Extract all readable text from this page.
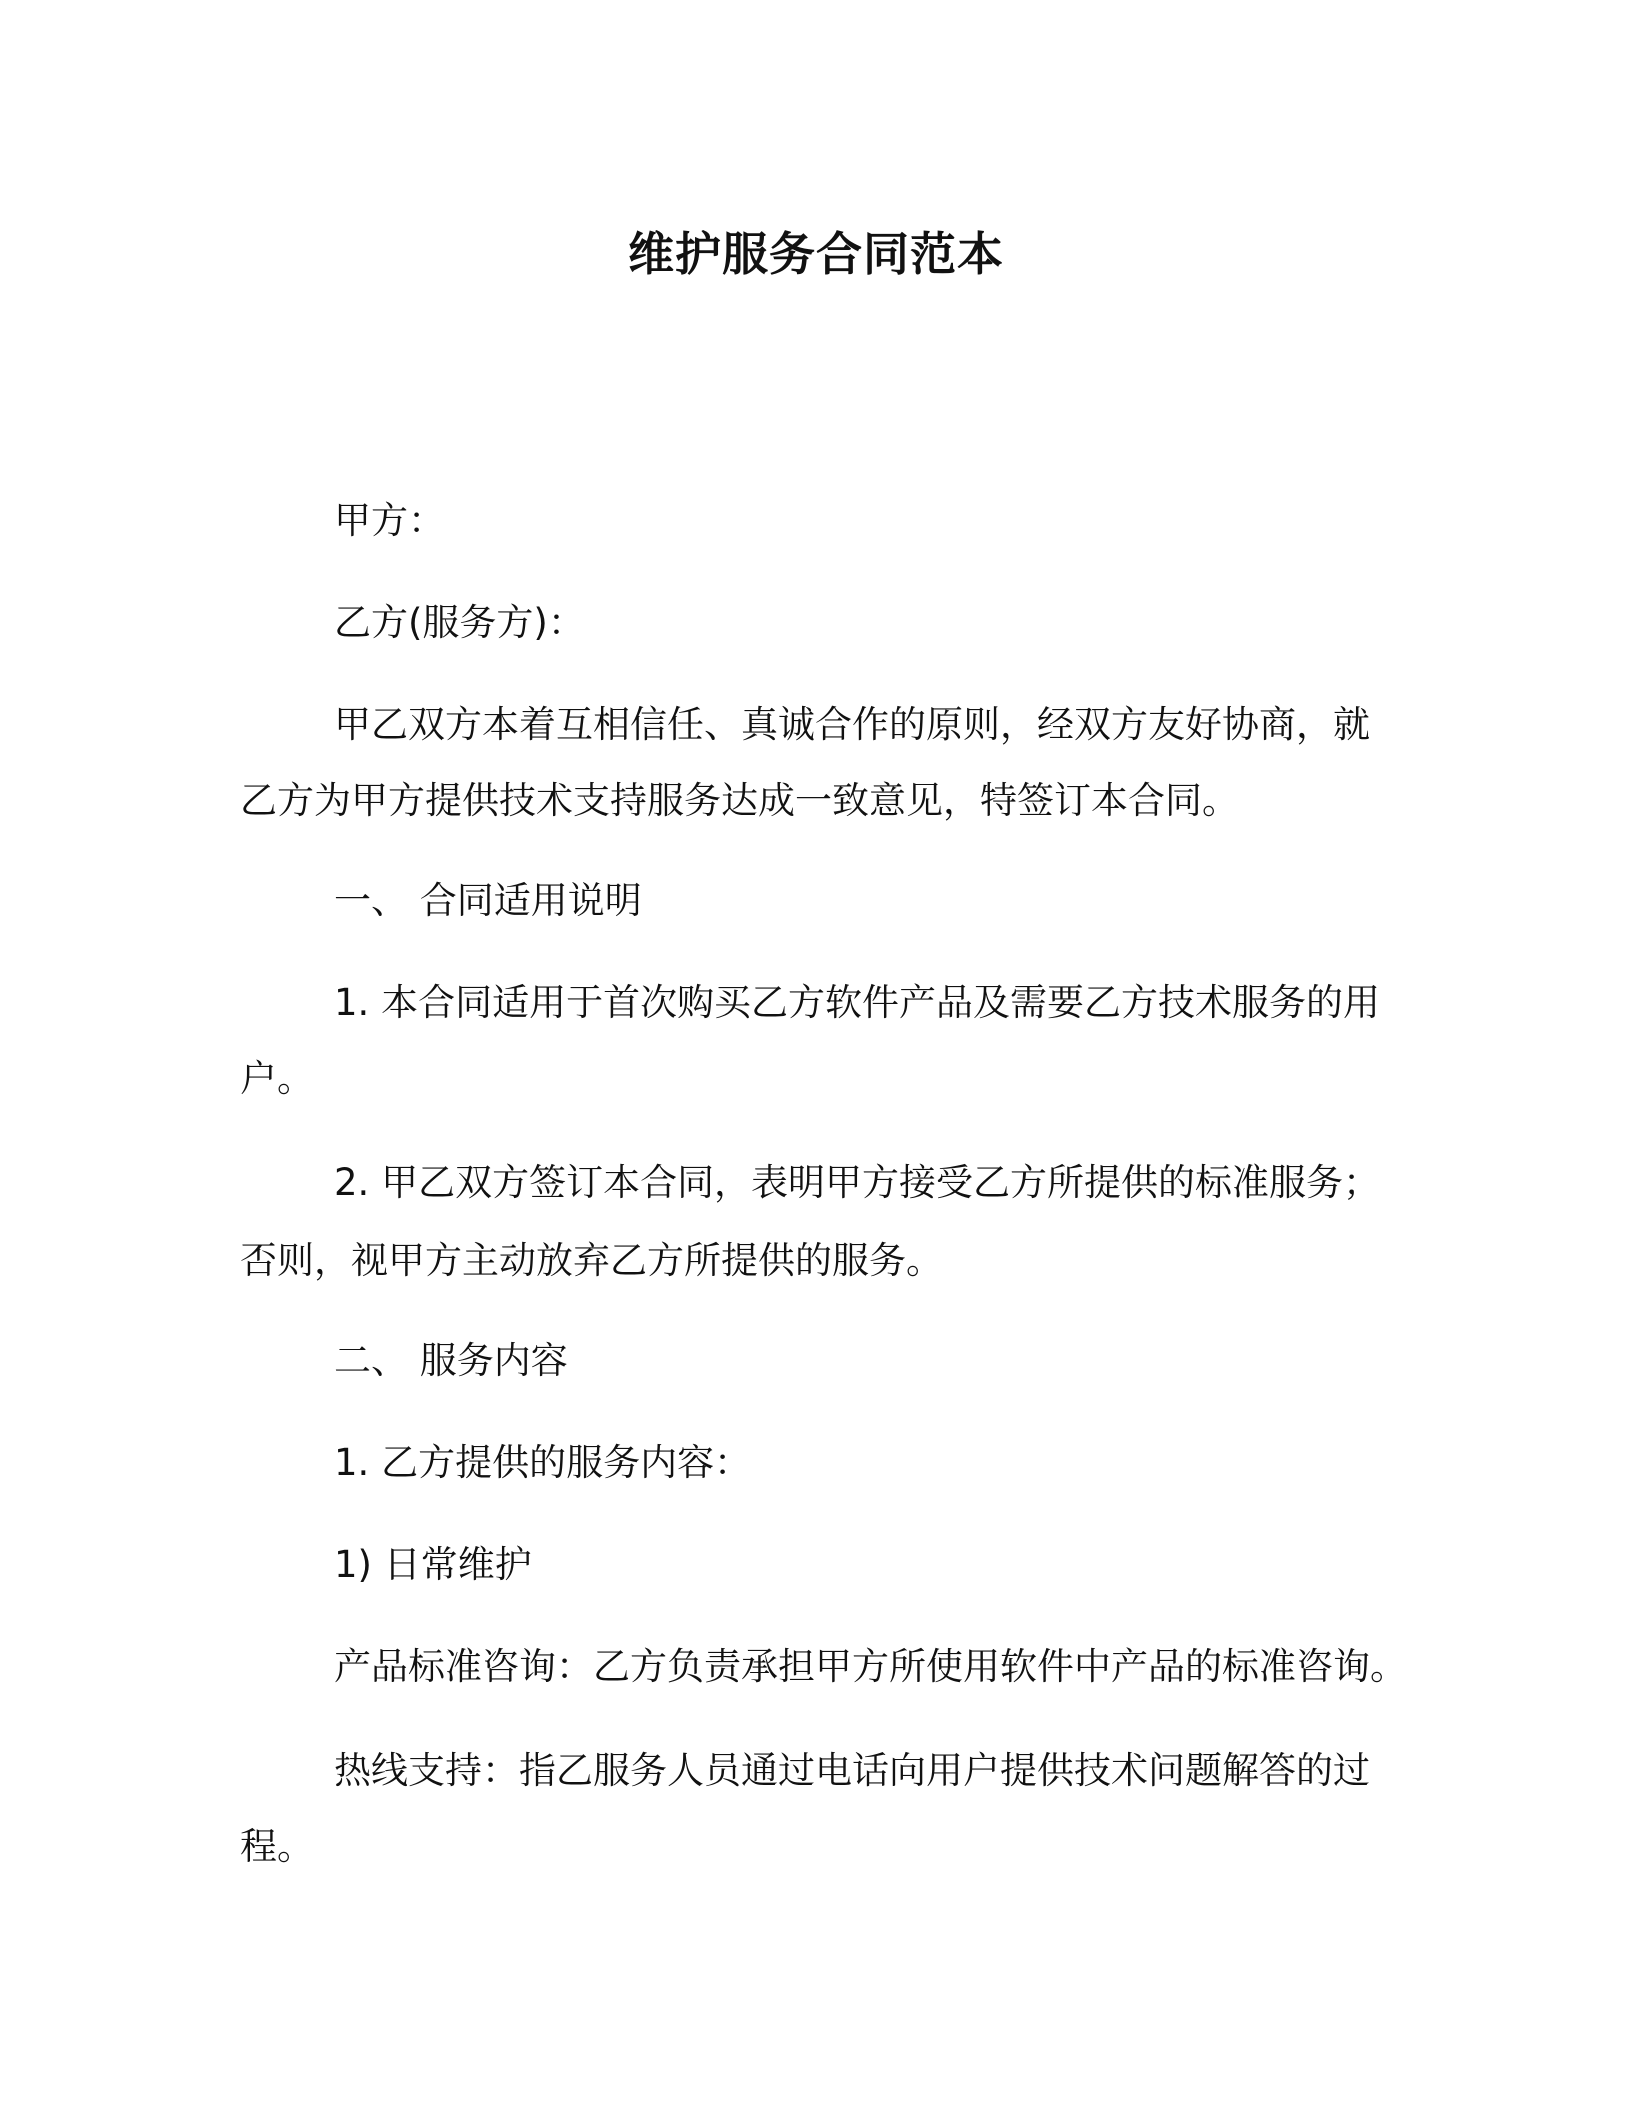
维护服务合同范本
甲方：
乙方(服务方)：
甲乙双方本着互相信任、真诚合作的原则，经双方友好协商，就
乙方为甲方提供技术支持服务达成一致意见，特签订本合同。
一、 合同适用说明
1. 本合同适用于首次购买乙方软件产品及需要乙方技术服务的用
户。
2. 甲乙双方签订本合同，表明甲方接受乙方所提供的标准服务；
否则，视甲方主动放弃乙方所提供的服务。
二、 服务内容
1. 乙方提供的服务内容：
1) 日常维护
产品标准咨询：乙方负责承担甲方所使用软件中产品的标准咨询。
热线支持：指乙服务人员通过电话向用户提供技术问题解答的过
程。
